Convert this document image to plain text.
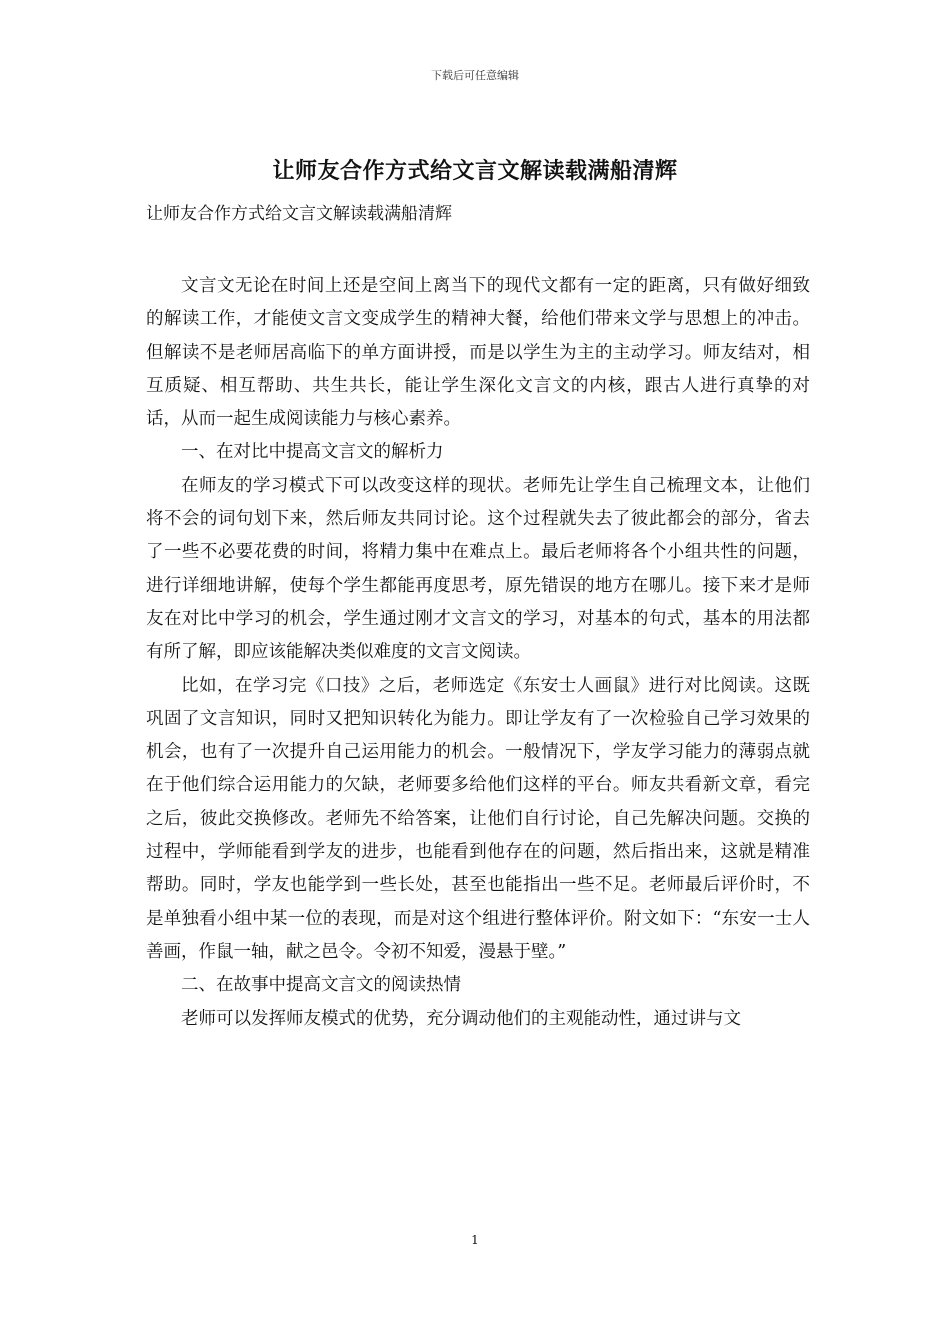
下载后可任意编辑
让师友合作方式给文言文解读载满船清辉
让师友合作方式给文言文解读载满船清辉

文言文无论在时间上还是空间上离当下的现代文都有一定的距离，只有做好细致的解读工作，才能使文言文变成学生的精神大餐，给他们带来文学与思想上的冲击。但解读不是老师居高临下的单方面讲授，而是以学生为主的主动学习。师友结对，相互质疑、相互帮助、共生共长，能让学生深化文言文的内核，跟古人进行真挚的对话，从而一起生成阅读能力与核心素养。

一、在对比中提高文言文的解析力

在师友的学习模式下可以改变这样的现状。老师先让学生自己梳理文本，让他们将不会的词句划下来，然后师友共同讨论。这个过程就失去了彼此都会的部分，省去了一些不必要花费的时间，将精力集中在难点上。最后老师将各个小组共性的问题，进行详细地讲解，使每个学生都能再度思考，原先错误的地方在哪儿。接下来才是师友在对比中学习的机会，学生通过刚才文言文的学习，对基本的句式，基本的用法都有所了解，即应该能解决类似难度的文言文阅读。

比如，在学习完《口技》之后，老师选定《东安士人画鼠》进行对比阅读。这既巩固了文言知识，同时又把知识转化为能力。即让学友有了一次检验自己学习效果的机会，也有了一次提升自己运用能力的机会。一般情况下，学友学习能力的薄弱点就在于他们综合运用能力的欠缺，老师要多给他们这样的平台。师友共看新文章，看完之后，彼此交换修改。老师先不给答案，让他们自行讨论，自己先解决问题。交换的过程中，学师能看到学友的进步，也能看到他存在的问题，然后指出来，这就是精准帮助。同时，学友也能学到一些长处，甚至也能指出一些不足。老师最后评价时，不是单独看小组中某一位的表现，而是对这个组进行整体评价。附文如下：“东安一士人善画，作鼠一轴，献之邑令。令初不知爱，漫悬于壁。”

二、在故事中提高文言文的阅读热情

老师可以发挥师友模式的优势，充分调动他们的主观能动性，通过讲与文

1
